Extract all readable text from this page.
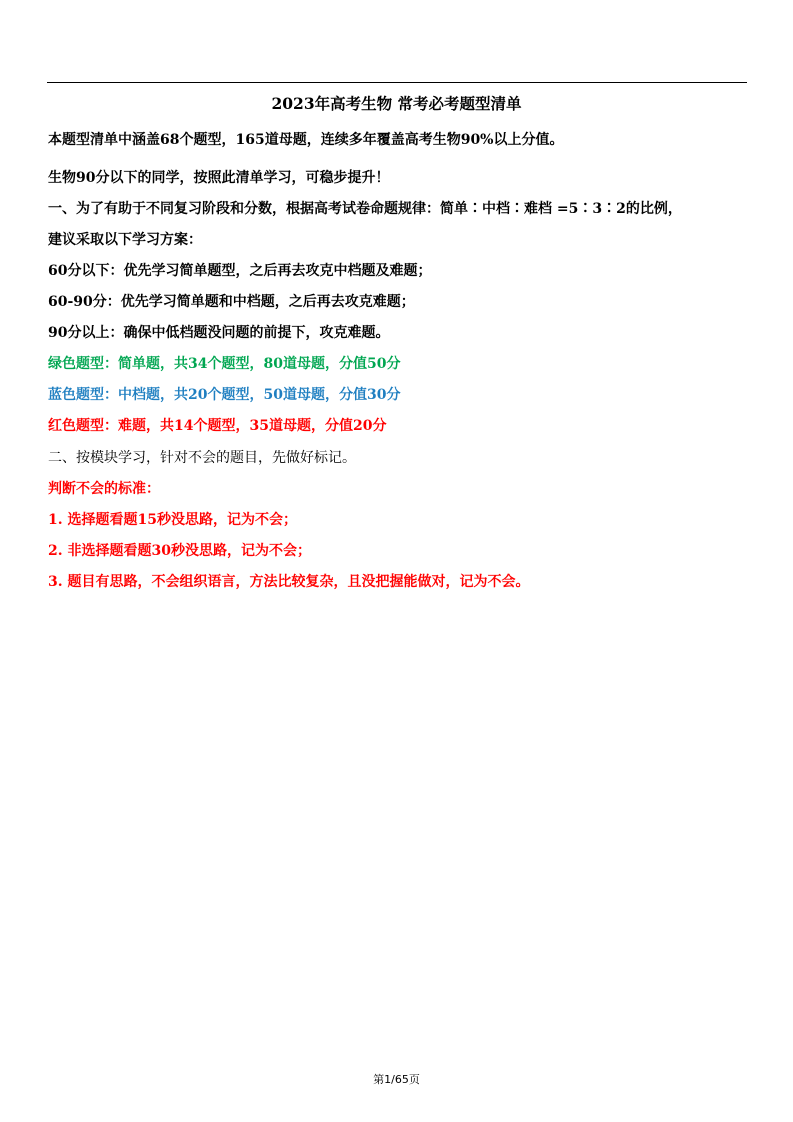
2023年高考生物 常考必考题型清单
本题型清单中涵盖68个题型，165道母题，连续多年覆盖高考生物90%以上分值。
生物90分以下的同学，按照此清单学习，可稳步提升！
一、为了有助于不同复习阶段和分数，根据高考试卷命题规律：简单∶中档∶难档 =5∶3∶2的比例，
建议采取以下学习方案：
60分以下：优先学习简单题型，之后再去攻克中档题及难题；
60-90分：优先学习简单题和中档题，之后再去攻克难题；
90分以上：确保中低档题没问题的前提下，攻克难题。
绿色题型：简单题，共34个题型，80道母题，分值50分
蓝色题型：中档题，共20个题型，50道母题，分值30分
红色题型：难题，共14个题型，35道母题，分值20分
二、按模块学习，针对不会的题目，先做好标记。
判断不会的标准：
1. 选择题看题15秒没思路，记为不会；
2. 非选择题看题30秒没思路，记为不会；
3. 题目有思路，不会组织语言，方法比较复杂，且没把握能做对，记为不会。
第1/65页
